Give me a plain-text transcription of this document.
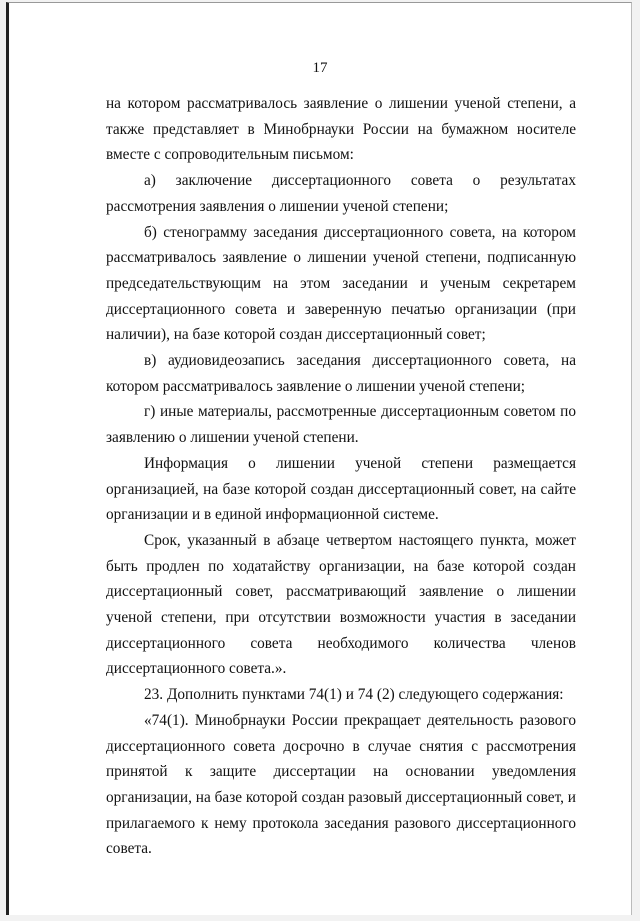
17

на котором рассматривалось заявление о лишении ученой степени, а также представляет в Минобрнауки России на бумажном носителе вместе с сопроводительным письмом:

а) заключение диссертационного совета о результатах рассмотрения заявления о лишении ученой степени;

б) стенограмму заседания диссертационного совета, на котором рассматривалось заявление о лишении ученой степени, подписанную председательствующим на этом заседании и ученым секретарем диссертационного совета и заверенную печатью организации (при наличии), на базе которой создан диссертационный совет;

в) аудиовидеозапись заседания диссертационного совета, на котором рассматривалось заявление о лишении ученой степени;

г) иные материалы, рассмотренные диссертационным советом по заявлению о лишении ученой степени.

Информация о лишении ученой степени размещается организацией, на базе которой создан диссертационный совет, на сайте организации и в единой информационной системе.

Срок, указанный в абзаце четвертом настоящего пункта, может быть продлен по ходатайству организации, на базе которой создан диссертационный совет, рассматривающий заявление о лишении ученой степени, при отсутствии возможности участия в заседании диссертационного совета необходимого количества членов диссертационного совета.».

23. Дополнить пунктами 74(1) и 74 (2) следующего содержания:

«74(1). Минобрнауки России прекращает деятельность разового диссертационного совета досрочно в случае снятия с рассмотрения принятой к защите диссертации на основании уведомления организации, на базе которой создан разовый диссертационный совет, и прилагаемого к нему протокола заседания разового диссертационного совета.
